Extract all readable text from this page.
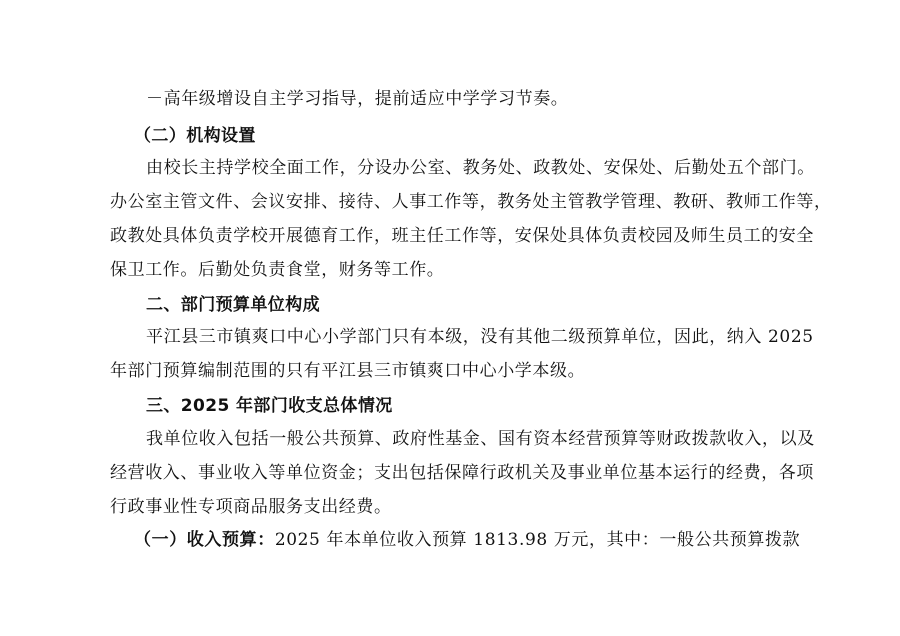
－高年级增设自主学习指导，提前适应中学学习节奏。
（二）机构设置
由校长主持学校全面工作，分设办公室、教务处、政教处、安保处、后勤处五个部门。
办公室主管文件、会议安排、接待、人事工作等，教务处主管教学管理、教研、教师工作等，
政教处具体负责学校开展德育工作，班主任工作等，安保处具体负责校园及师生员工的安全
保卫工作。后勤处负责食堂，财务等工作。
二、部门预算单位构成
平江县三市镇爽口中心小学部门只有本级，没有其他二级预算单位，因此，纳入 2025
年部门预算编制范围的只有平江县三市镇爽口中心小学本级。
三、2025 年部门收支总体情况
我单位收入包括一般公共预算、政府性基金、国有资本经营预算等财政拨款收入，以及
经营收入、事业收入等单位资金；支出包括保障行政机关及事业单位基本运行的经费，各项
行政事业性专项商品服务支出经费。
（一）收入预算：2025 年本单位收入预算 1813.98 万元，其中：一般公共预算拨款
